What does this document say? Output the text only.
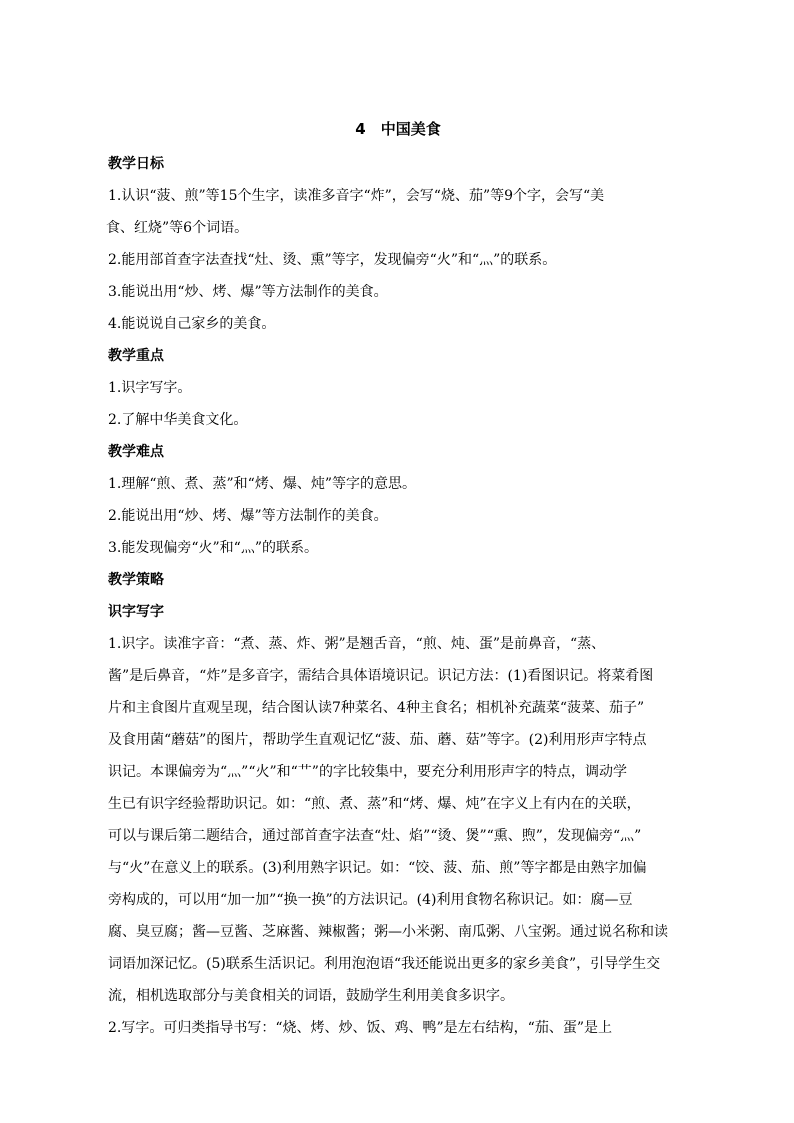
4　中国美食
教学日标
1.认识“菠、煎”等15个生字，读准多音字“炸”，会写“烧、茄”等9个字，会写“美
食、红烧”等6个词语。
2.能用部首查字法查找“灶、烫、熏”等字，发现偏旁“火”和“灬”的联系。
3.能说出用“炒、烤、爆”等方法制作的美食。
4.能说说自己家乡的美食。
教学重点
1.识字写字。
2.了解中华美食文化。
教学难点
1.理解“煎、煮、蒸”和“烤、爆、炖”等字的意思。
2.能说出用“炒、烤、爆”等方法制作的美食。
3.能发现偏旁“火”和“灬”的联系。
教学策略
识字写字
1.识字。读准字音：“煮、蒸、炸、粥”是翘舌音，“煎、炖、蛋”是前鼻音，“蒸、
酱”是后鼻音，“炸”是多音字，需结合具体语境识记。识记方法：(1)看图识记。将菜肴图
片和主食图片直观呈现，结合图认读7种菜名、4种主食名；相机补充蔬菜“菠菜、茄子”
及食用菌“蘑菇”的图片，帮助学生直观记忆“菠、茄、蘑、菇”等字。(2)利用形声字特点
识记。本课偏旁为“灬”“火”和“艹”的字比较集中，要充分利用形声字的特点，调动学
生已有识字经验帮助识记。如：“煎、煮、蒸”和“烤、爆、炖”在字义上有内在的关联，
可以与课后第二题结合，通过部首查字法查“灶、焰”“烫、煲”“熏、煦”，发现偏旁“灬”
与“火”在意义上的联系。(3)利用熟字识记。如：“饺、菠、茄、煎”等字都是由熟字加偏
旁构成的，可以用“加一加”“换一换”的方法识记。(4)利用食物名称识记。如：腐—豆
腐、臭豆腐；酱—豆酱、芝麻酱、辣椒酱；粥—小米粥、南瓜粥、八宝粥。通过说名称和读
词语加深记忆。(5)联系生活识记。利用泡泡语“我还能说出更多的家乡美食”，引导学生交
流，相机选取部分与美食相关的词语，鼓励学生利用美食多识字。
2.写字。可归类指导书写：“烧、烤、炒、饭、鸡、鸭”是左右结构，“茄、蛋”是上
